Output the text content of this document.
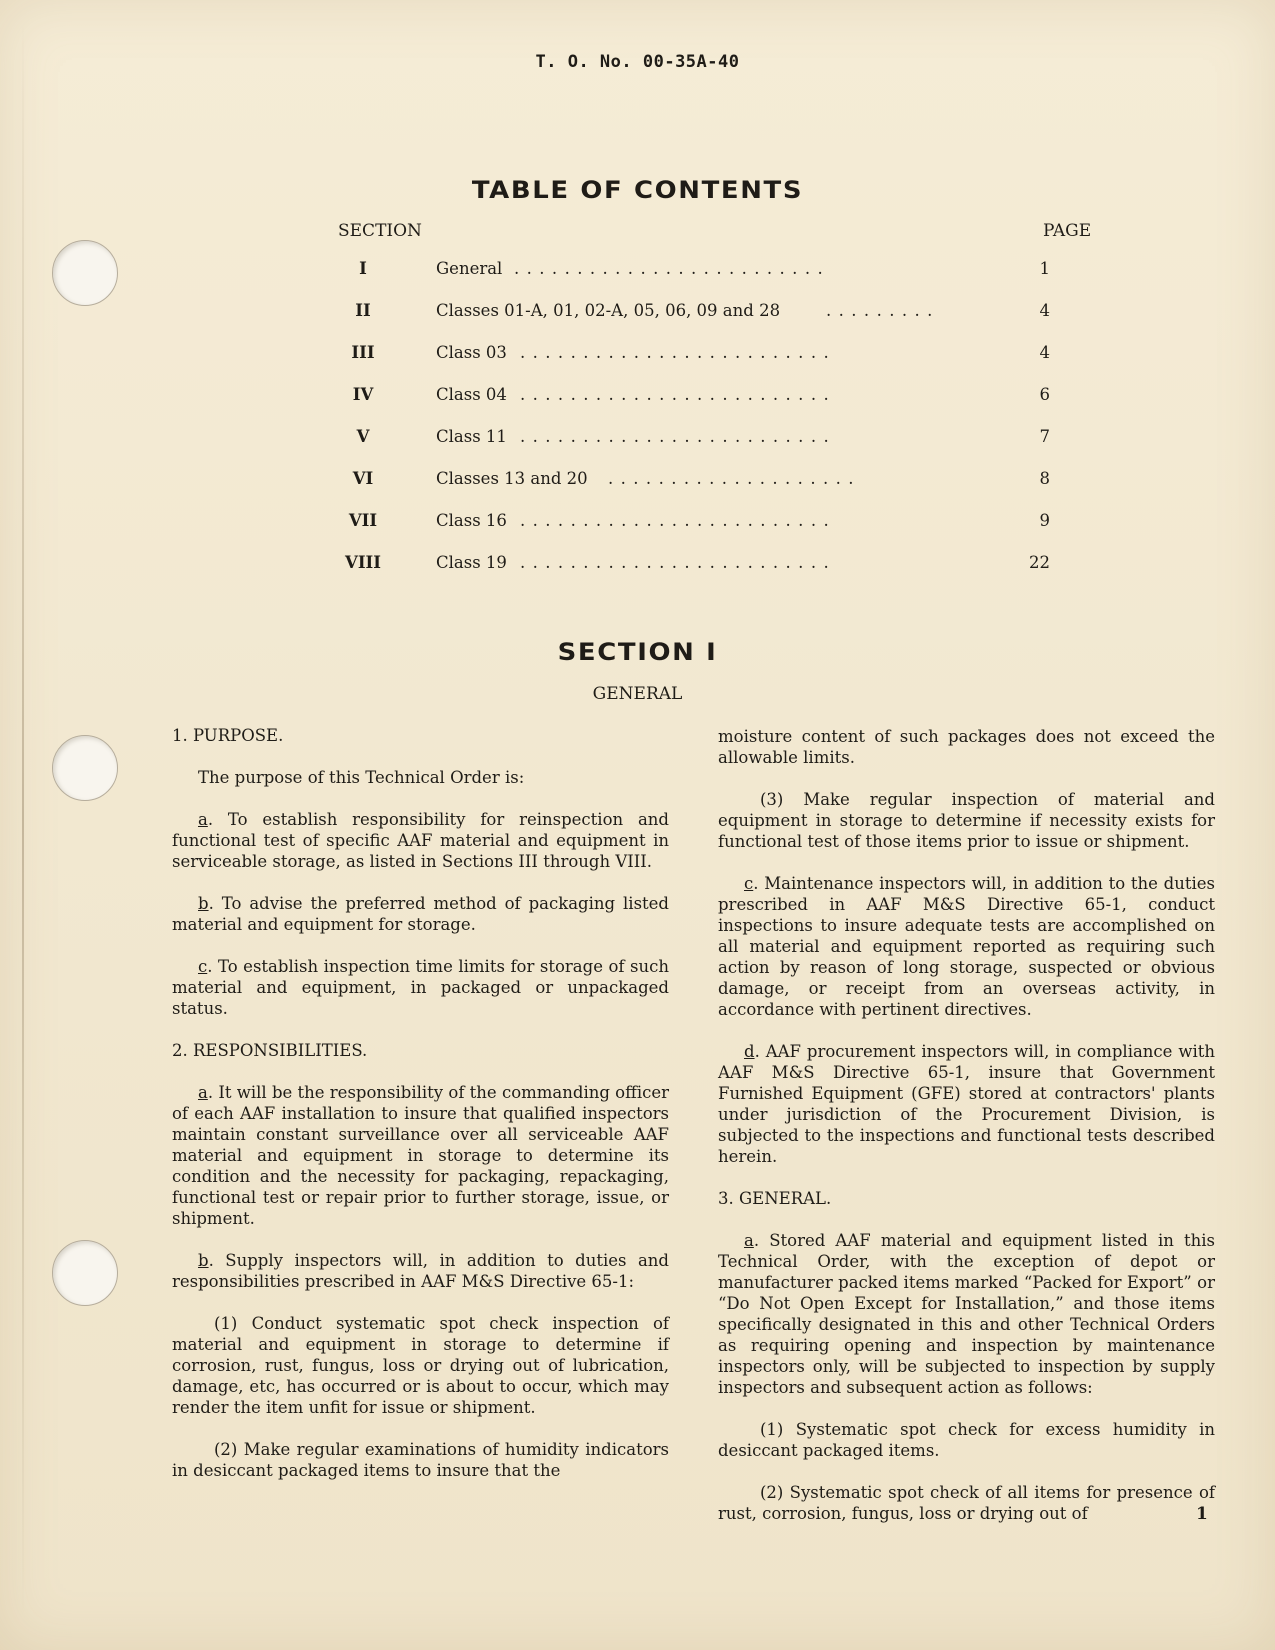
T. O. No. 00-35A-40
TABLE OF CONTENTS
SECTION	PAGE
I	General .........................	1
II	Classes 01-A, 01, 02-A, 05, 06, 09 and 28	.........	4
III	Class 03 .........................	4
IV	Class 04 .........................	6
V	Class 11 .........................	7
VI	Classes 13 and 20 ....................	8
VII	Class 16 .........................	9
VIII	Class 19 .........................	22
SECTION I
GENERAL

1. PURPOSE.

The purpose of this Technical Order is:

a. To establish responsibility for reinspection and functional test of specific AAF material and equipment in serviceable storage, as listed in Sections III through VIII.

b. To advise the preferred method of packaging listed material and equipment for storage.

c. To establish inspection time limits for storage of such material and equipment, in packaged or unpackaged status.

2. RESPONSIBILITIES.

a. It will be the responsibility of the commanding officer of each AAF installation to insure that qualified inspectors maintain constant surveillance over all serviceable AAF material and equipment in storage to determine its condition and the necessity for packaging, repackaging, functional test or repair prior to further storage, issue, or shipment.

b. Supply inspectors will, in addition to duties and responsibilities prescribed in AAF M&S Directive 65-1:

(1) Conduct systematic spot check inspection of material and equipment in storage to determine if corrosion, rust, fungus, loss or drying out of lubrication, damage, etc, has occurred or is about to occur, which may render the item unfit for issue or shipment.

(2) Make regular examinations of humidity indicators in desiccant packaged items to insure that the

moisture content of such packages does not exceed the allowable limits.

(3) Make regular inspection of material and equipment in storage to determine if necessity exists for functional test of those items prior to issue or shipment.

c. Maintenance inspectors will, in addition to the duties prescribed in AAF M&S Directive 65-1, conduct inspections to insure adequate tests are accomplished on all material and equipment reported as requiring such action by reason of long storage, suspected or obvious damage, or receipt from an overseas activity, in accordance with pertinent directives.

d. AAF procurement inspectors will, in compliance with AAF M&S Directive 65-1, insure that Government Furnished Equipment (GFE) stored at contractors' plants under jurisdiction of the Procurement Division, is subjected to the inspections and functional tests described herein.

3. GENERAL.

a. Stored AAF material and equipment listed in this Technical Order, with the exception of depot or manufacturer packed items marked “Packed for Export” or “Do Not Open Except for Installation,” and those items specifically designated in this and other Technical Orders as requiring opening and inspection by maintenance inspectors only, will be subjected to inspection by supply inspectors and subsequent action as follows:

(1) Systematic spot check for excess humidity in desiccant packaged items.

(2) Systematic spot check of all items for presence of rust, corrosion, fungus, loss or drying out of	1
